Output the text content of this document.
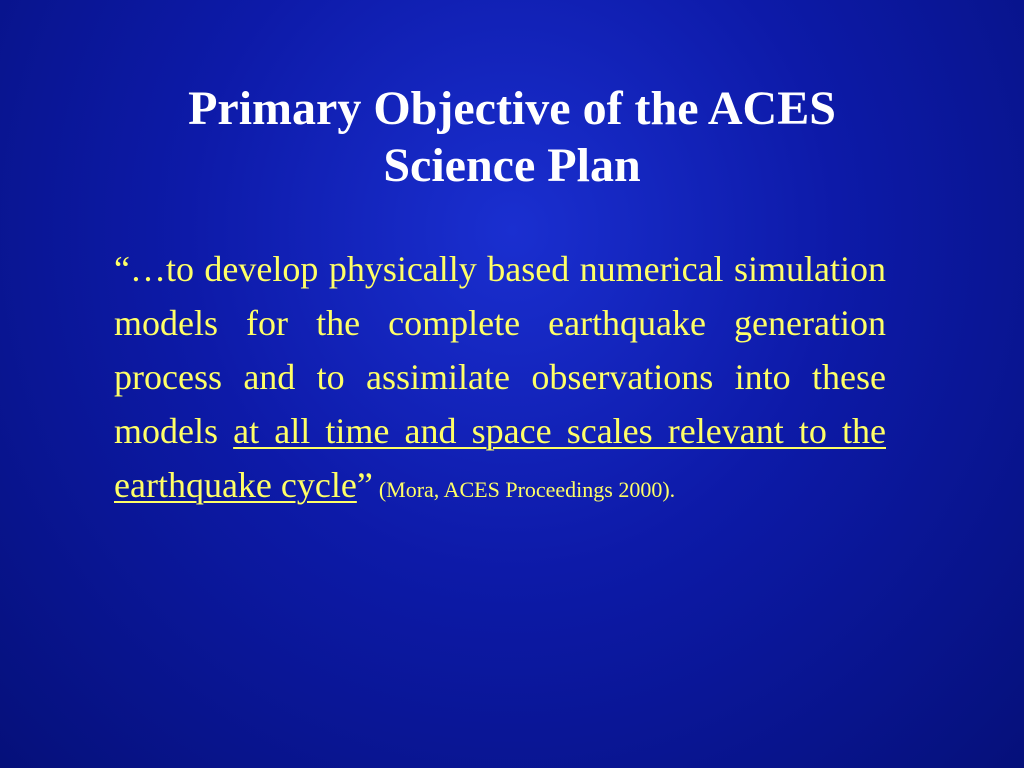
Primary Objective of the ACES
Science Plan
“…to develop physically based numerical simulation models for the complete earthquake generation process and to assimilate observations into these models at all time and space scales relevant to the earthquake cycle” (Mora, ACES Proceedings 2000).
